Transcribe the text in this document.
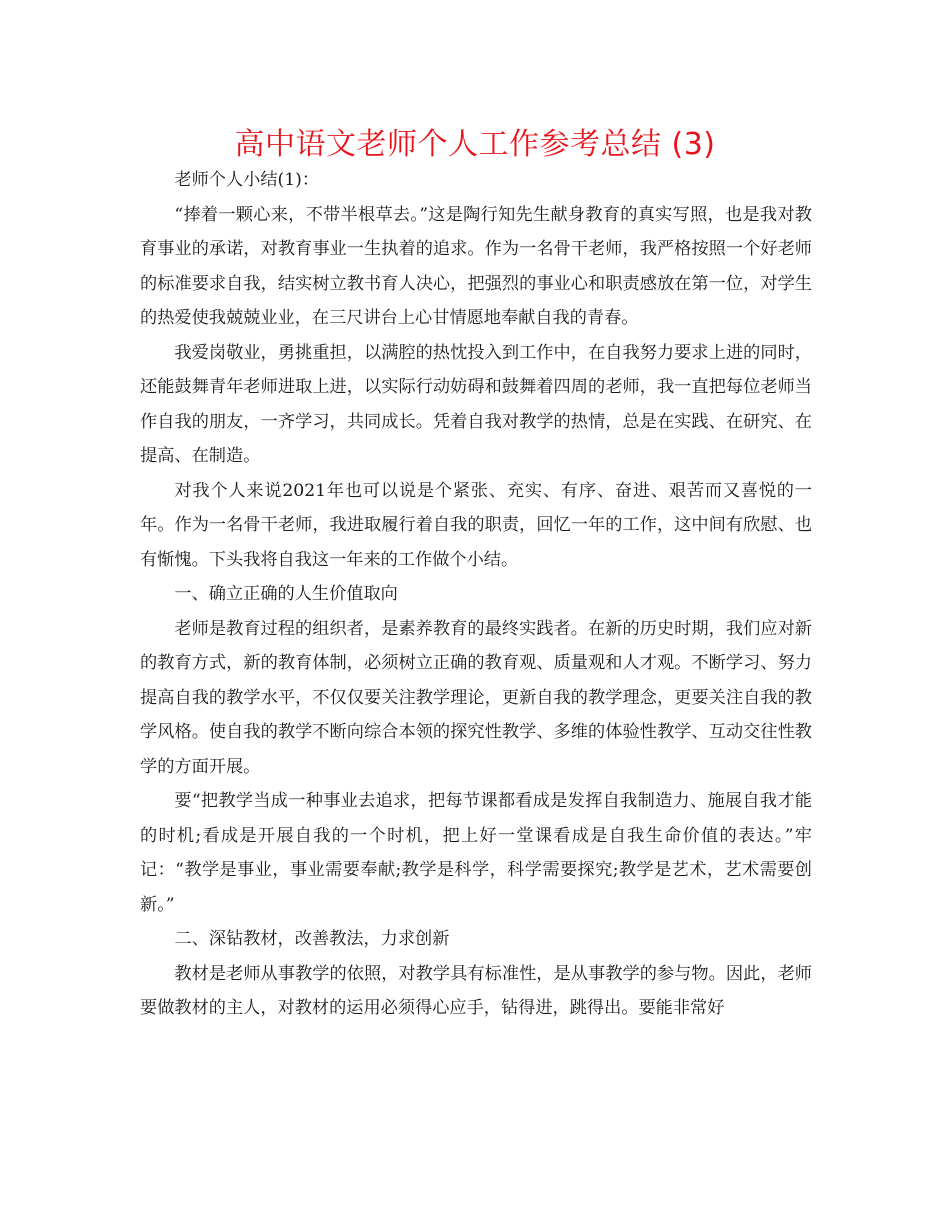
高中语文老师个人工作参考总结 (3)

老师个人小结(1)：

“捧着一颗心来，不带半根草去。”这是陶行知先生献身教育的真实写照，也是我对教育事业的承诺，对教育事业一生执着的追求。作为一名骨干老师，我严格按照一个好老师的标准要求自我，结实树立教书育人决心，把强烈的事业心和职责感放在第一位，对学生的热爱使我兢兢业业，在三尺讲台上心甘情愿地奉献自我的青春。

我爱岗敬业，勇挑重担，以满腔的热忱投入到工作中，在自我努力要求上进的同时，还能鼓舞青年老师进取上进，以实际行动妨碍和鼓舞着四周的老师，我一直把每位老师当作自我的朋友，一齐学习，共同成长。凭着自我对教学的热情，总是在实践、在研究、在提高、在制造。

对我个人来说2021年也可以说是个紧张、充实、有序、奋进、艰苦而又喜悦的一年。作为一名骨干老师，我进取履行着自我的职责，回忆一年的工作，这中间有欣慰、也有惭愧。下头我将自我这一年来的工作做个小结。

一、确立正确的人生价值取向

老师是教育过程的组织者，是素养教育的最终实践者。在新的历史时期，我们应对新的教育方式，新的教育体制，必须树立正确的教育观、质量观和人才观。不断学习、努力提高自我的教学水平，不仅仅要关注教学理论，更新自我的教学理念，更要关注自我的教学风格。使自我的教学不断向综合本领的探究性教学、多维的体验性教学、互动交往性教学的方面开展。

要“把教学当成一种事业去追求，把每节课都看成是发挥自我制造力、施展自我才能的时机;看成是开展自我的一个时机，把上好一堂课看成是自我生命价值的表达。”牢记：“教学是事业，事业需要奉献;教学是科学，科学需要探究;教学是艺术，艺术需要创新。”

二、深钻教材，改善教法，力求创新

教材是老师从事教学的依照，对教学具有标准性，是从事教学的参与物。因此，老师要做教材的主人，对教材的运用必须得心应手，钻得进，跳得出。要能非常好
